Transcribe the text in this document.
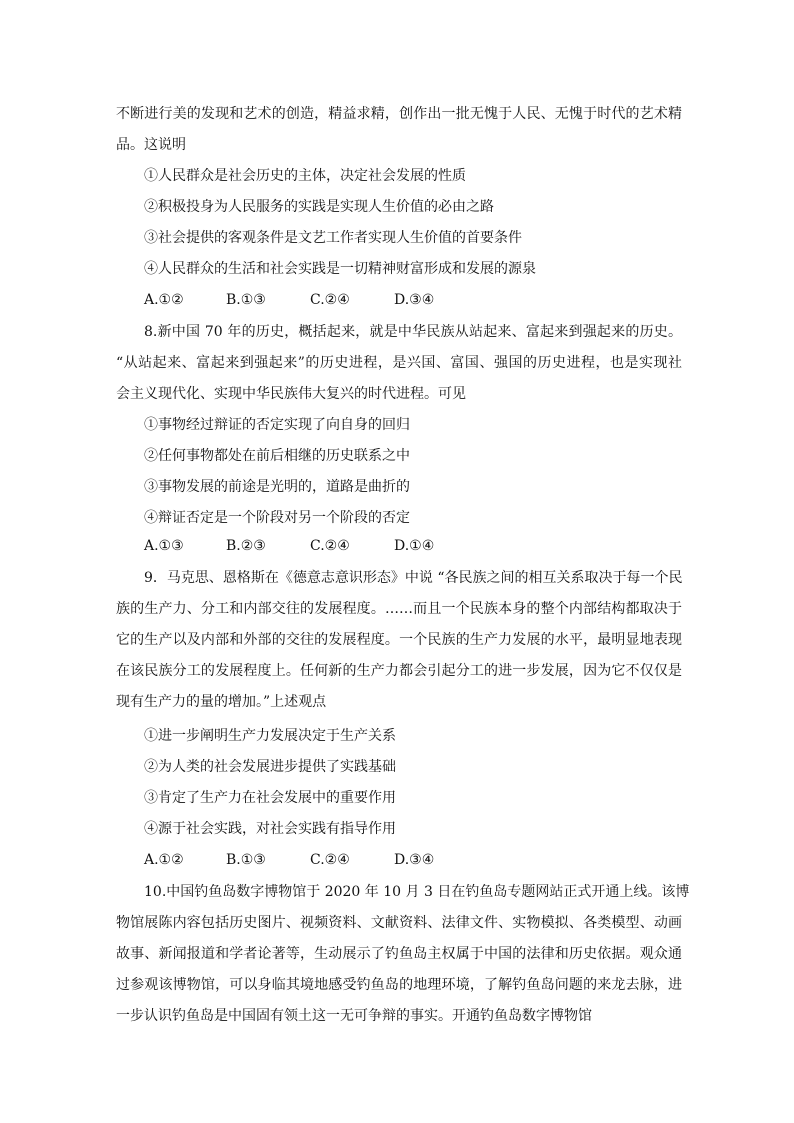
不断进行美的发现和艺术的创造，精益求精，创作出一批无愧于人民、无愧于时代的艺术精
品。这说明
①人民群众是社会历史的主体，决定社会发展的性质
②积极投身为人民服务的实践是实现人生价值的必由之路
③社会提供的客观条件是文艺工作者实现人生价值的首要条件
④人民群众的生活和社会实践是一切精神财富形成和发展的源泉
A.①②	B.①③	C.②④	D.③④
8.新中国 70 年的历史，概括起来，就是中华民族从站起来、富起来到强起来的历史。
“从站起来、富起来到强起来”的历史进程，是兴国、富国、强国的历史进程，也是实现社
会主义现代化、实现中华民族伟大复兴的时代进程。可见
①事物经过辩证的否定实现了向自身的回归
②任何事物都处在前后相继的历史联系之中
③事物发展的前途是光明的，道路是曲折的
④辩证否定是一个阶段对另一个阶段的否定
A.①③	B.②③	C.②④	D.①④
9．马克思、恩格斯在《德意志意识形态》中说 “各民族之间的相互关系取决于每一个民
族的生产力、分工和内部交往的发展程度。……而且一个民族本身的整个内部结构都取决于
它的生产以及内部和外部的交往的发展程度。一个民族的生产力发展的水平，最明显地表现
在该民族分工的发展程度上。任何新的生产力都会引起分工的进一步发展，因为它不仅仅是
现有生产力的量的增加。”上述观点
①进一步阐明生产力发展决定于生产关系
②为人类的社会发展进步提供了实践基础
③肯定了生产力在社会发展中的重要作用
④源于社会实践，对社会实践有指导作用
A.①②	B.①③	C.②④	D.③④
10.中国钓鱼岛数字博物馆于 2020 年 10 月 3 日在钓鱼岛专题网站正式开通上线。该博
物馆展陈内容包括历史图片、视频资料、文献资料、法律文件、实物模拟、各类模型、动画
故事、新闻报道和学者论著等，生动展示了钓鱼岛主权属于中国的法律和历史依据。观众通
过参观该博物馆，可以身临其境地感受钓鱼岛的地理环境，了解钓鱼岛问题的来龙去脉，进
一步认识钓鱼岛是中国固有领土这一无可争辩的事实。开通钓鱼岛数字博物馆
